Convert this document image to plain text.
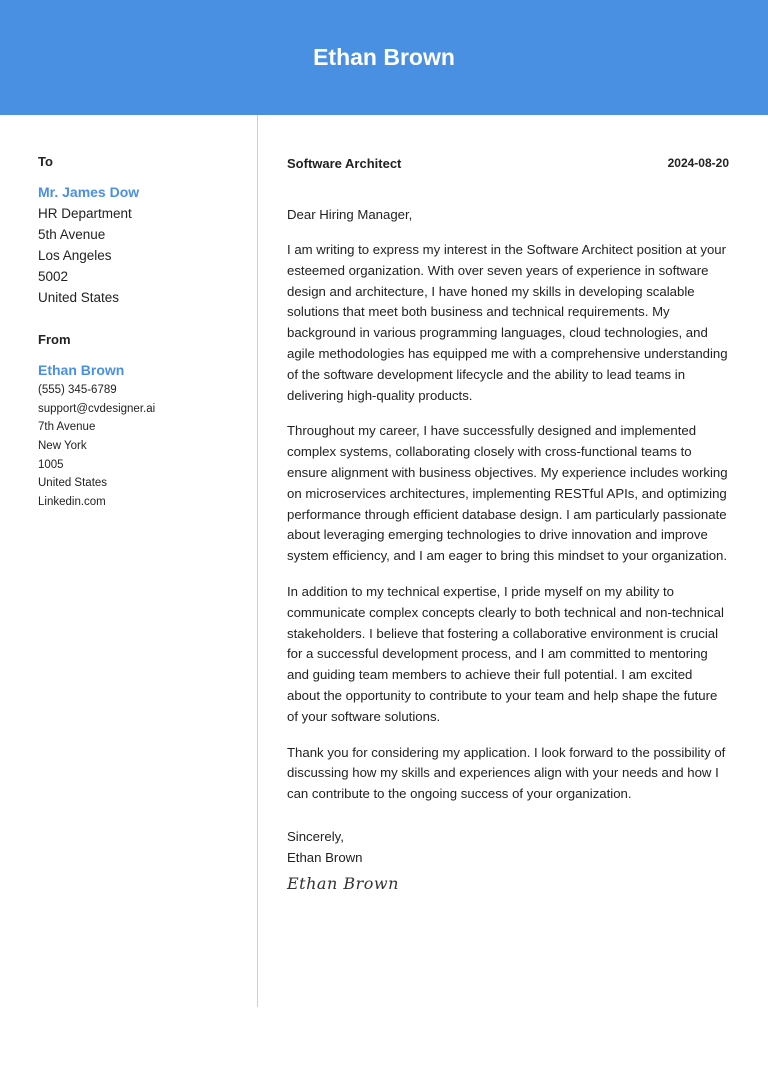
Ethan Brown
To
Mr. James Dow
HR Department
5th Avenue
Los Angeles
5002
United States
From
Ethan Brown
(555) 345-6789
support@cvdesigner.ai
7th Avenue
New York
1005
United States
Linkedin.com
Software Architect	2024-08-20
Dear Hiring Manager,
I am writing to express my interest in the Software Architect position at your esteemed organization. With over seven years of experience in software design and architecture, I have honed my skills in developing scalable solutions that meet both business and technical requirements. My background in various programming languages, cloud technologies, and agile methodologies has equipped me with a comprehensive understanding of the software development lifecycle and the ability to lead teams in delivering high-quality products.
Throughout my career, I have successfully designed and implemented complex systems, collaborating closely with cross-functional teams to ensure alignment with business objectives. My experience includes working on microservices architectures, implementing RESTful APIs, and optimizing performance through efficient database design. I am particularly passionate about leveraging emerging technologies to drive innovation and improve system efficiency, and I am eager to bring this mindset to your organization.
In addition to my technical expertise, I pride myself on my ability to communicate complex concepts clearly to both technical and non-technical stakeholders. I believe that fostering a collaborative environment is crucial for a successful development process, and I am committed to mentoring and guiding team members to achieve their full potential. I am excited about the opportunity to contribute to your team and help shape the future of your software solutions.
Thank you for considering my application. I look forward to the possibility of discussing how my skills and experiences align with your needs and how I can contribute to the ongoing success of your organization.
Sincerely,
Ethan Brown
Ethan Brown
